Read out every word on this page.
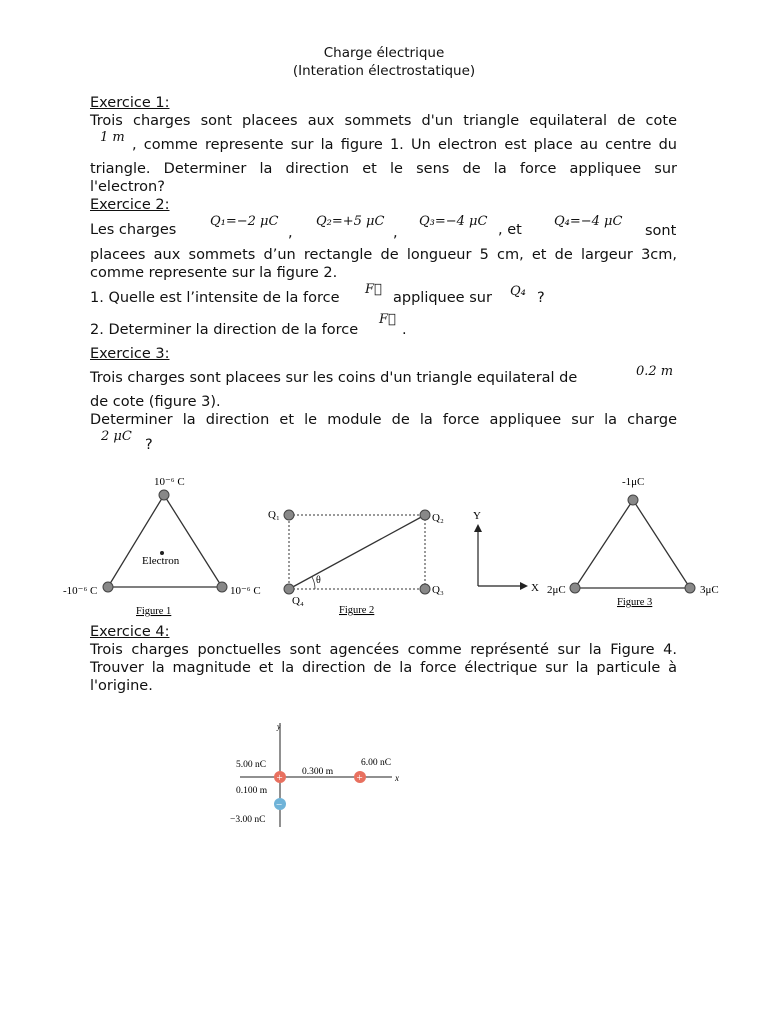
Charge électrique
(Interation électrostatique)
Exercice 1:
Trois charges sont placees aux sommets d'un triangle equilateral de cote
1 m , comme represente sur la figure 1. Un electron est place au centre du
triangle. Determiner la direction et le sens de la force appliquee sur
l'electron?
Exercice 2:
Les charges
Q₁=−2 μC
,
Q₂=+5 μC
,
Q₃=−4 μC
, et
Q₄=−4 μC
sont
placees aux sommets d’un rectangle de longueur 5 cm, et de largeur 3cm,
comme represente sur la figure 2.
1. Quelle est l’intensite de la force
F⃗
appliquee sur Q₄ ?
2. Determiner la direction de la force
F⃗
.
Exercice 3:
Trois charges sont placees sur les coins d'un triangle equilateral de	0.2 m
de cote (figure 3).
Determiner la direction et le module de la force appliquee sur la charge
2 μC
?
10⁻⁶ C
-10⁻⁶ C	10⁻⁶ C
Electron
Figure 1
Q₁	Q₂
Q₃
Q₄
θ
Figure 2
Y
X
-1μC
2μC	3μC
Figure 3
Exercice 4:
Trois charges ponctuelles sont agencées comme représenté sur la Figure 4.
Trouver la magnitude et la direction de la force électrique sur la particule à
l'origine.
y
x
+	+
−
5.00 nC
0.300 m
6.00 nC
0.100 m
−3.00 nC
